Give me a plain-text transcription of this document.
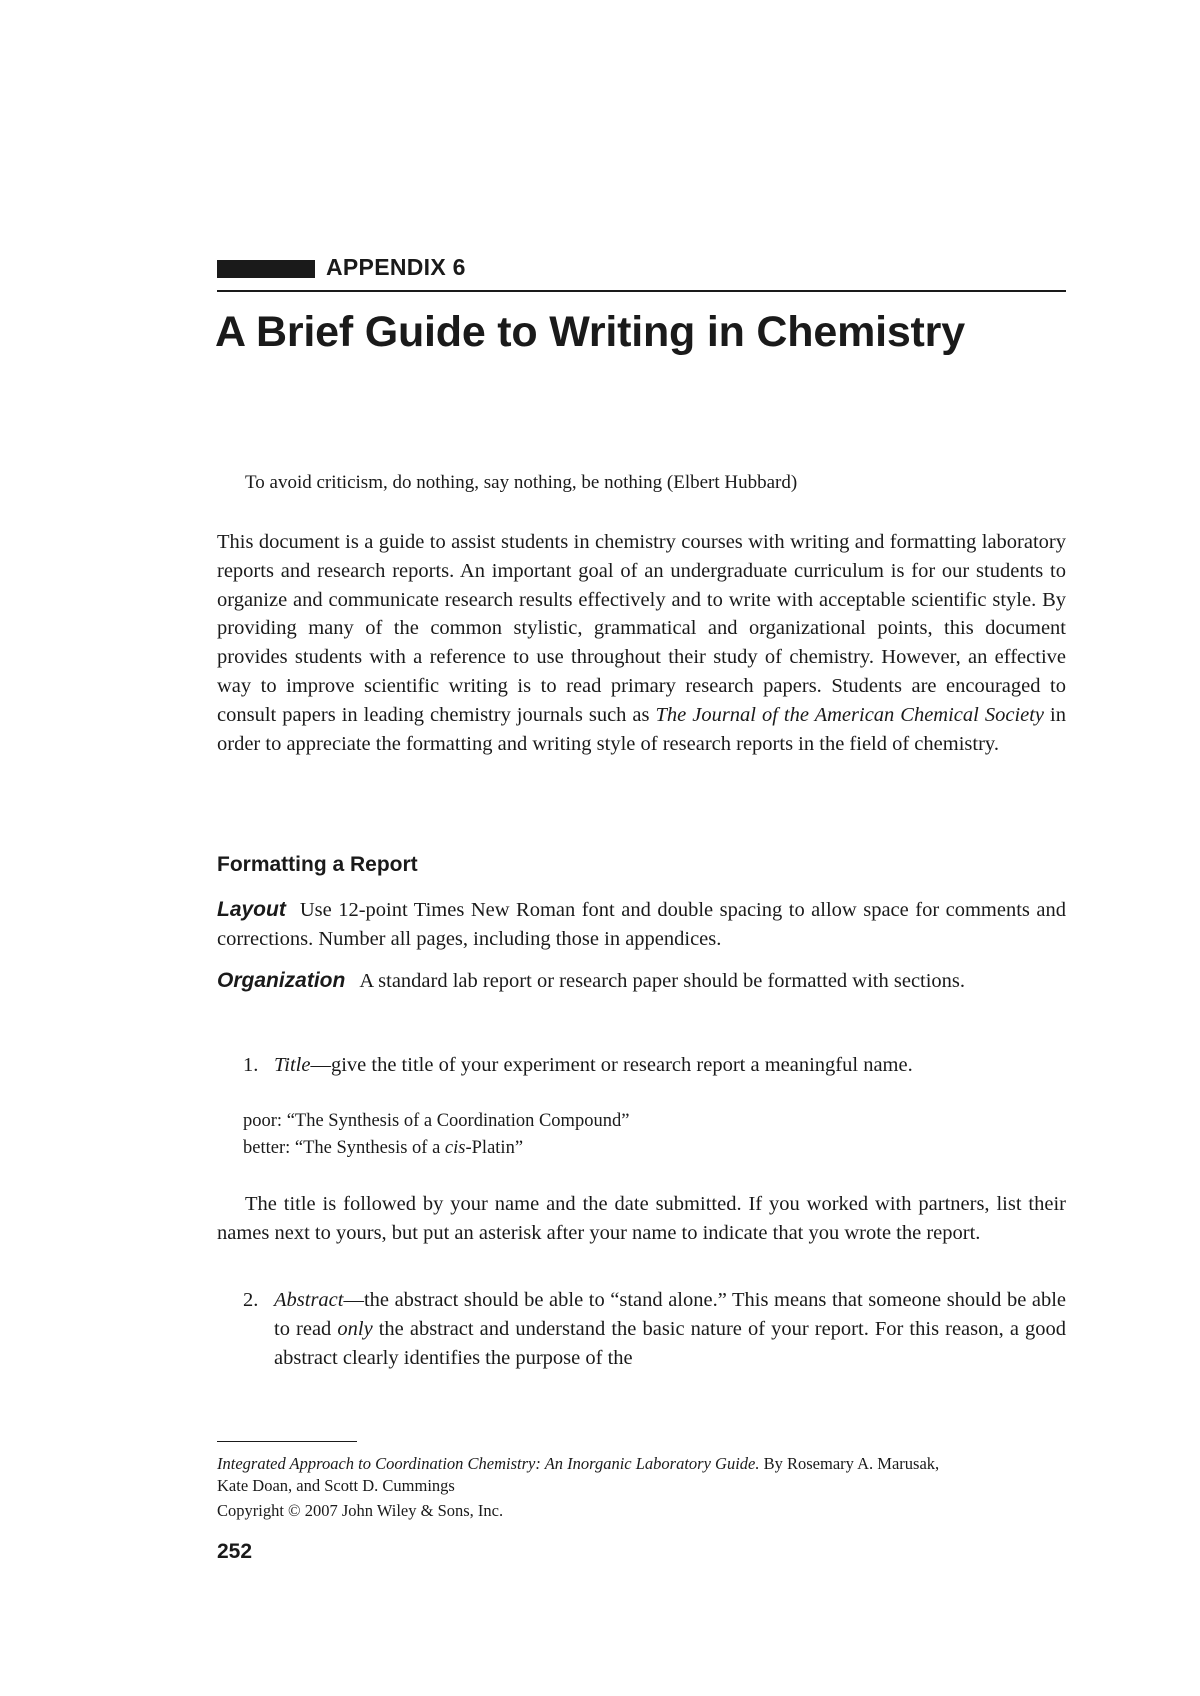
APPENDIX 6
A Brief Guide to Writing in Chemistry
To avoid criticism, do nothing, say nothing, be nothing (Elbert Hubbard)

This document is a guide to assist students in chemistry courses with writing and formatting laboratory reports and research reports. An important goal of an undergraduate curriculum is for our students to organize and communicate research results effectively and to write with acceptable scientific style. By providing many of the common stylistic, grammatical and organizational points, this document provides students with a reference to use throughout their study of chemistry. However, an effective way to improve scientific writing is to read primary research papers. Students are encouraged to consult papers in leading chemistry journals such as The Journal of the American Chemical Society in order to appreciate the formatting and writing style of research reports in the field of chemistry.

Formatting a Report

Layout Use 12-point Times New Roman font and double spacing to allow space for comments and corrections. Number all pages, including those in appendices.

Organization A standard lab report or research paper should be formatted with sections.

1. Title—give the title of your experiment or research report a meaningful name.
poor: “The Synthesis of a Coordination Compound”
better: “The Synthesis of a cis-Platin”

The title is followed by your name and the date submitted. If you worked with partners, list their names next to yours, but put an asterisk after your name to indicate that you wrote the report.

2. Abstract—the abstract should be able to “stand alone.” This means that someone should be able to read only the abstract and understand the basic nature of your report. For this reason, a good abstract clearly identifies the purpose of the
Integrated Approach to Coordination Chemistry: An Inorganic Laboratory Guide. By Rosemary A. Marusak,
Kate Doan, and Scott D. Cummings
Copyright © 2007 John Wiley & Sons, Inc.
252
